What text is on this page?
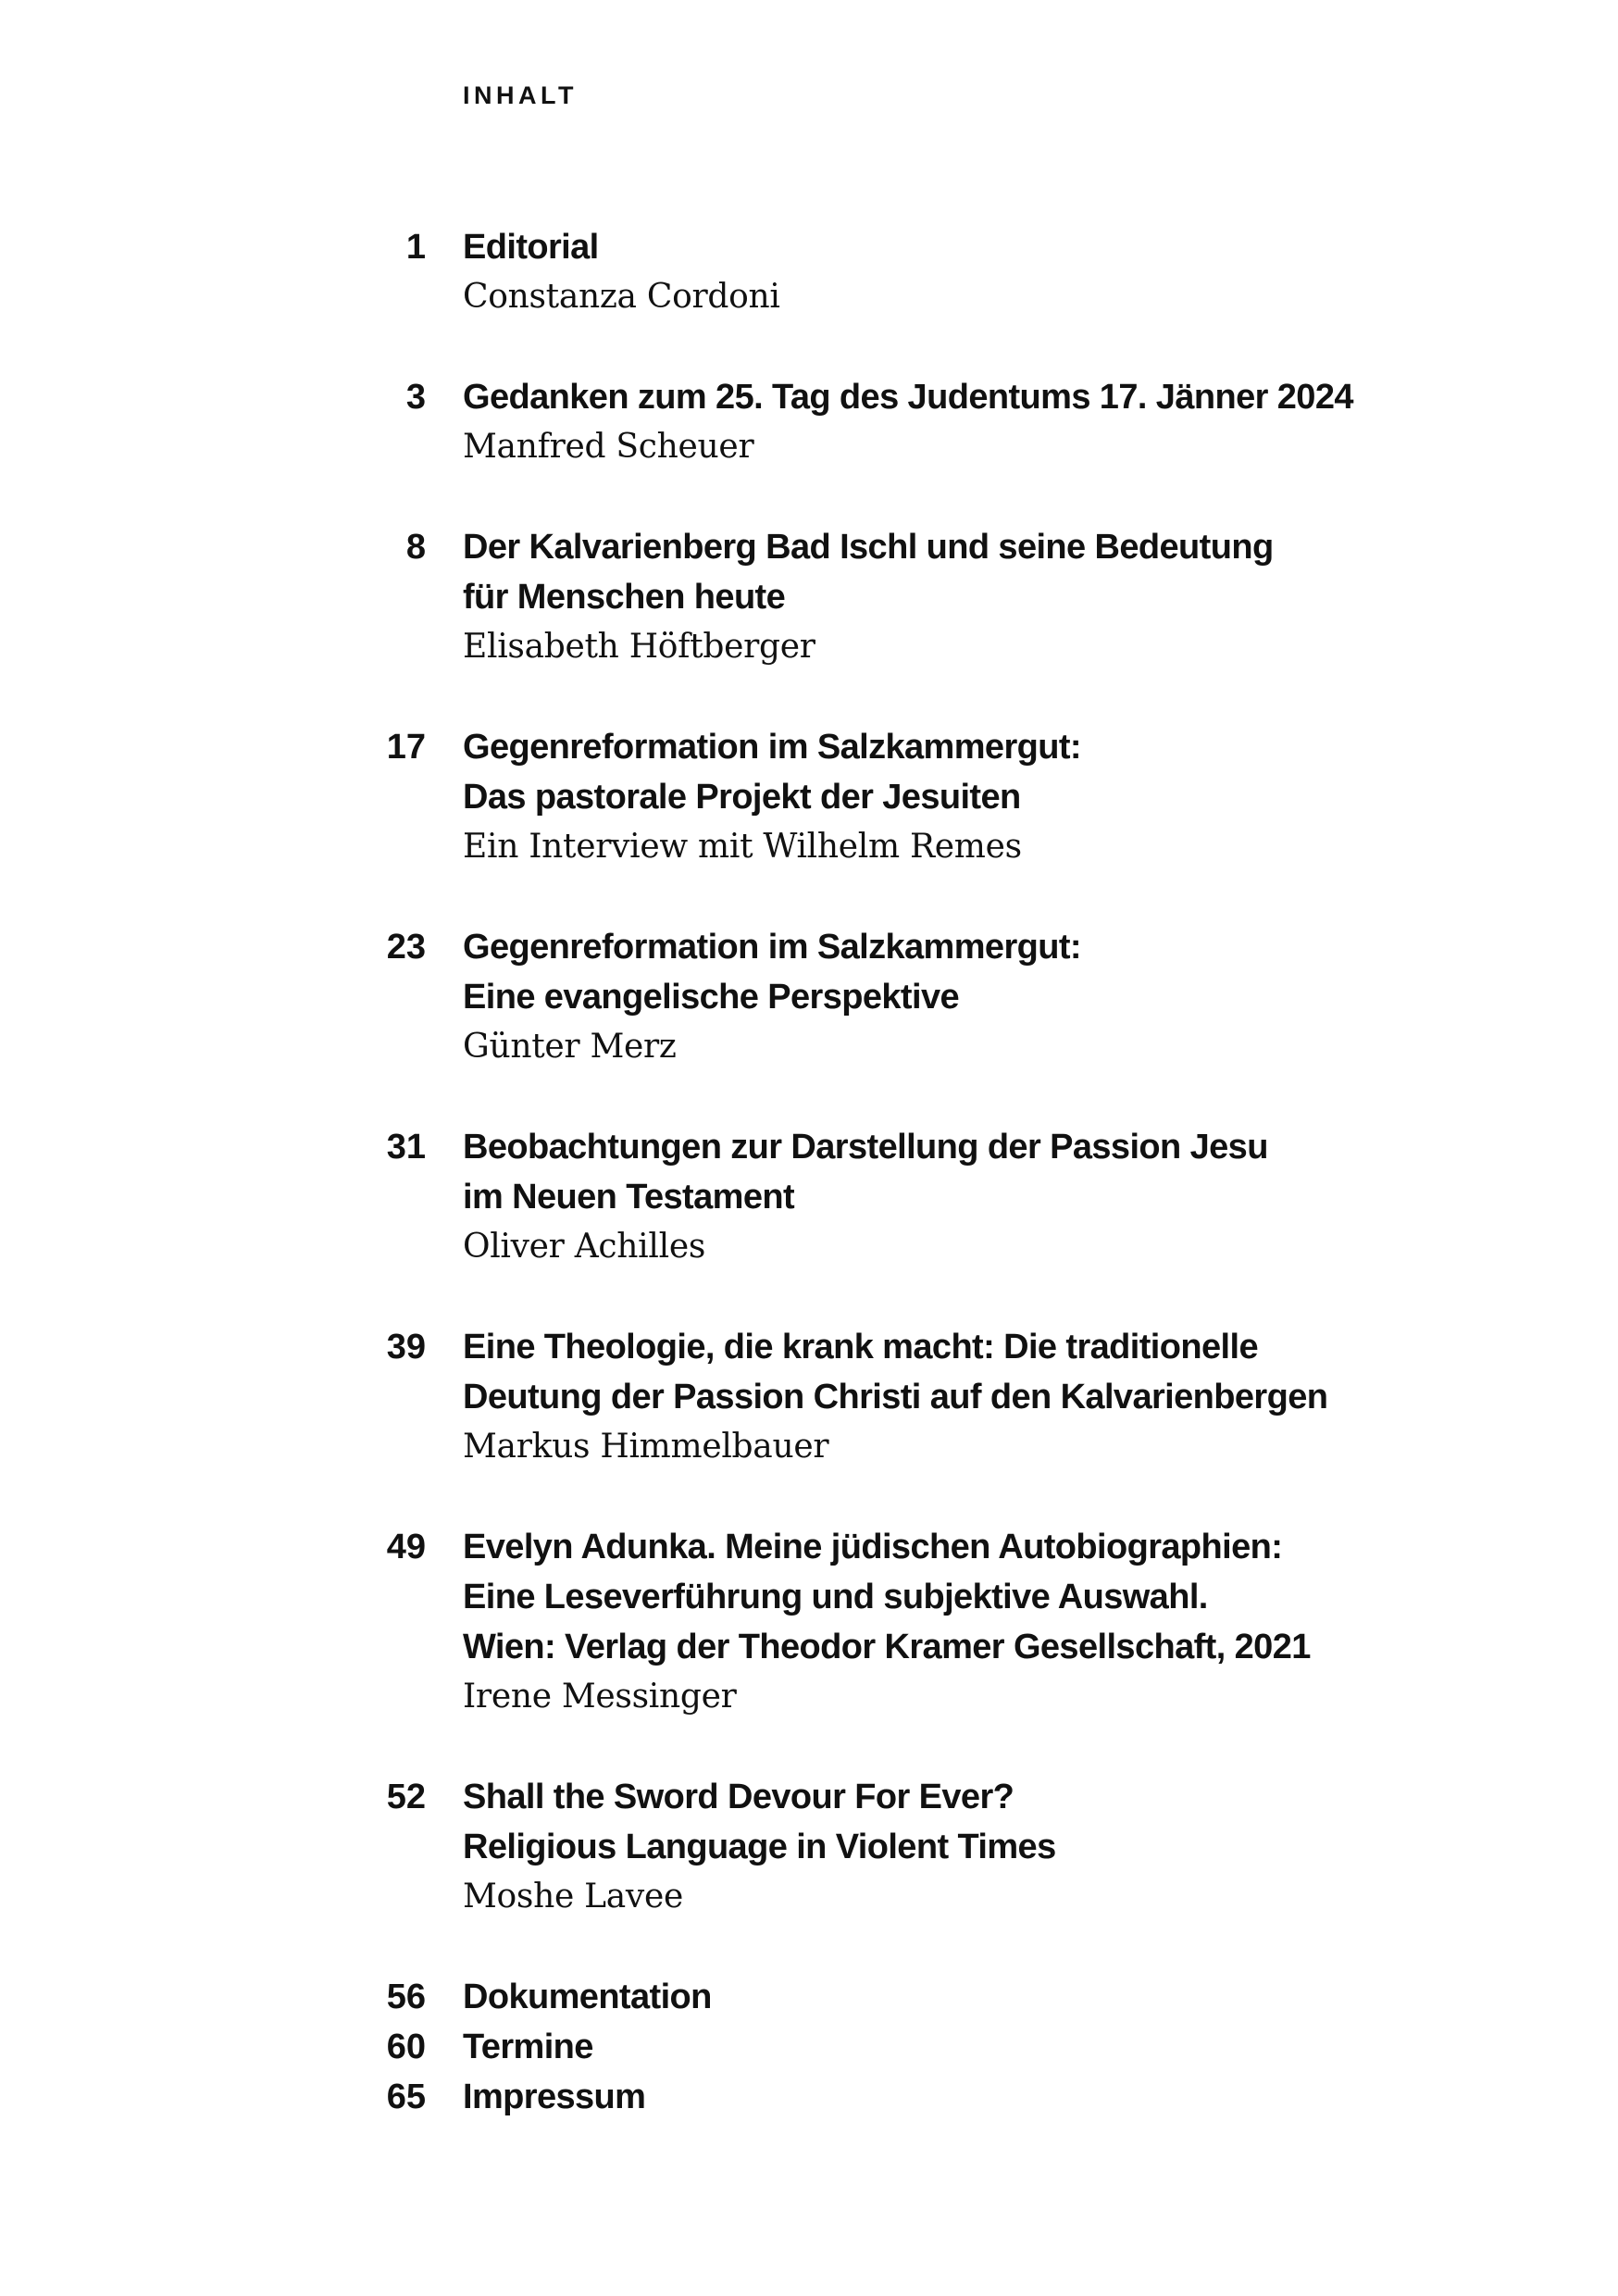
INHALT
1 Editorial
Constanza Cordoni
3 Gedanken zum 25. Tag des Judentums 17. Jänner 2024
Manfred Scheuer
8 Der Kalvarienberg Bad Ischl und seine Bedeutung
für Menschen heute
Elisabeth Höftberger
17 Gegenreformation im Salzkammergut:
Das pastorale Projekt der Jesuiten
Ein Interview mit Wilhelm Remes
23 Gegenreformation im Salzkammergut:
Eine evangelische Perspektive
Günter Merz
31 Beobachtungen zur Darstellung der Passion Jesu
im Neuen Testament
Oliver Achilles
39 Eine Theologie, die krank macht: Die traditionelle
Deutung der Passion Christi auf den Kalvarienbergen
Markus Himmelbauer
49 Evelyn Adunka. Meine jüdischen Autobiographien:
Eine Leseverführung und subjektive Auswahl.
Wien: Verlag der Theodor Kramer Gesellschaft, 2021
Irene Messinger
52 Shall the Sword Devour For Ever?
Religious Language in Violent Times
Moshe Lavee
56 Dokumentation
60 Termine
65 Impressum
